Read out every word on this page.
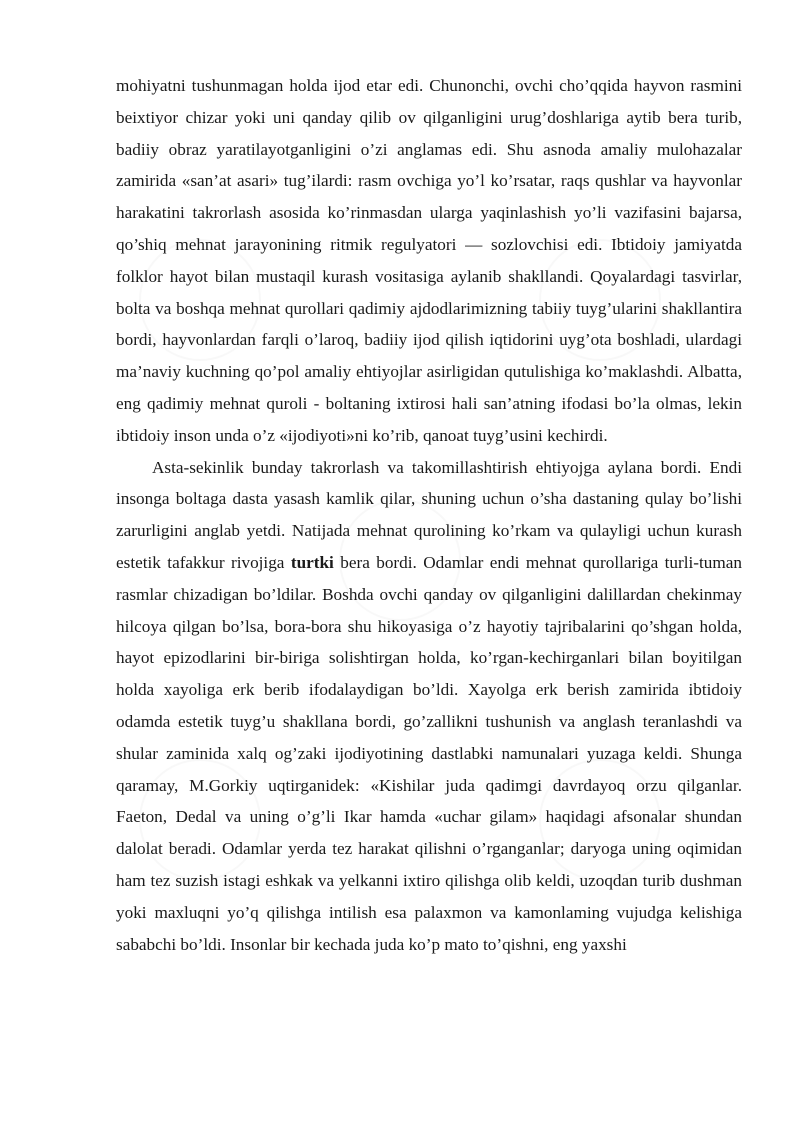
mohiyatni tushunmagan holda ijod etar edi. Chunonchi, ovchi cho’qqida hayvon rasmini beixtiyor chizar yoki uni qanday qilib ov qilganligini urug’doshlariga aytib bera turib, badiiy obraz yaratilayotganligini o’zi anglamas edi. Shu asnoda amaliy mulohazalar zamirida «san’at asari» tug’ilardi: rasm ovchiga yo’l ko’rsatar, raqs qushlar va hayvonlar harakatini takrorlash asosida ko’rinmasdan ularga yaqinlashish yo’li vazifasini bajarsa, qo’shiq mehnat jarayonining ritmik regulyatori — sozlovchisi edi. Ibtidoiy jamiyatda folklor hayot bilan mustaqil kurash vositasiga aylanib shakllandi. Qoyalardagi tasvirlar, bolta va boshqa mehnat qurollari qadimiy ajdodlarimizning tabiiy tuyg’ularini shakllantira bordi, hayvonlardan farqli o’laroq, badiiy ijod qilish iqtidorini uyg’ota boshladi, ulardagi ma’naviy kuchning qo’pol amaliy ehtiyojlar asirligidan qutulishiga ko’maklashdi. Albatta, eng qadimiy mehnat quroli - boltaning ixtirosi hali san’atning ifodasi bo’la olmas, lekin ibtidoiy inson unda o’z «ijodiyoti»ni ko’rib, qanoat tuyg’usini kechirdi.

Asta-sekinlik bunday takrorlash va takomillashtirish ehtiyojga aylana bordi. Endi insonga boltaga dasta yasash kamlik qilar, shuning uchun o’sha dastaning qulay bo’lishi zarurligini anglab yetdi. Natijada mehnat qurolining ko’rkam va qulayligi uchun kurash estetik tafakkur rivojiga turtki bera bordi. Odamlar endi mehnat qurollariga turli-tuman rasmlar chizadigan bo’ldilar. Boshda ovchi qanday ov qilganligini dalillardan chekinmay hilcoya qilgan bo’lsa, bora-bora shu hikoyasiga o’z hayotiy tajribalarini qo’shgan holda, hayot epizodlarini bir-biriga solishtirgan holda, ko’rgan-kechirganlari bilan boyitilgan holda xayoliga erk berib ifodalaydigan bo’ldi. Xayolga erk berish zamirida ibtidoiy odamda estetik tuyg’u shakllana bordi, go’zallikni tushunish va anglash teranlashdi va shular zaminida xalq og’zaki ijodiyotining dastlabki namunalari yuzaga keldi. Shunga qaramay, M.Gorkiy uqtirganidek: «Kishilar juda qadimgi davrdayoq orzu qilganlar. Faeton, Dedal va uning o’g’li Ikar hamda «uchar gilam» haqidagi afsonalar shundan dalolat beradi. Odamlar yerda tez harakat qilishni o’rganganlar; daryoga uning oqimidan ham tez suzish istagi eshkak va yelkanni ixtiro qilishga olib keldi, uzoqdan turib dushman yoki maxluqni yo’q qilishga intilish esa palaxmon va kamonlaming vujudga kelishiga sababchi bo’ldi. Insonlar bir kechada juda ko’p mato to’qishni, eng yaxshi
